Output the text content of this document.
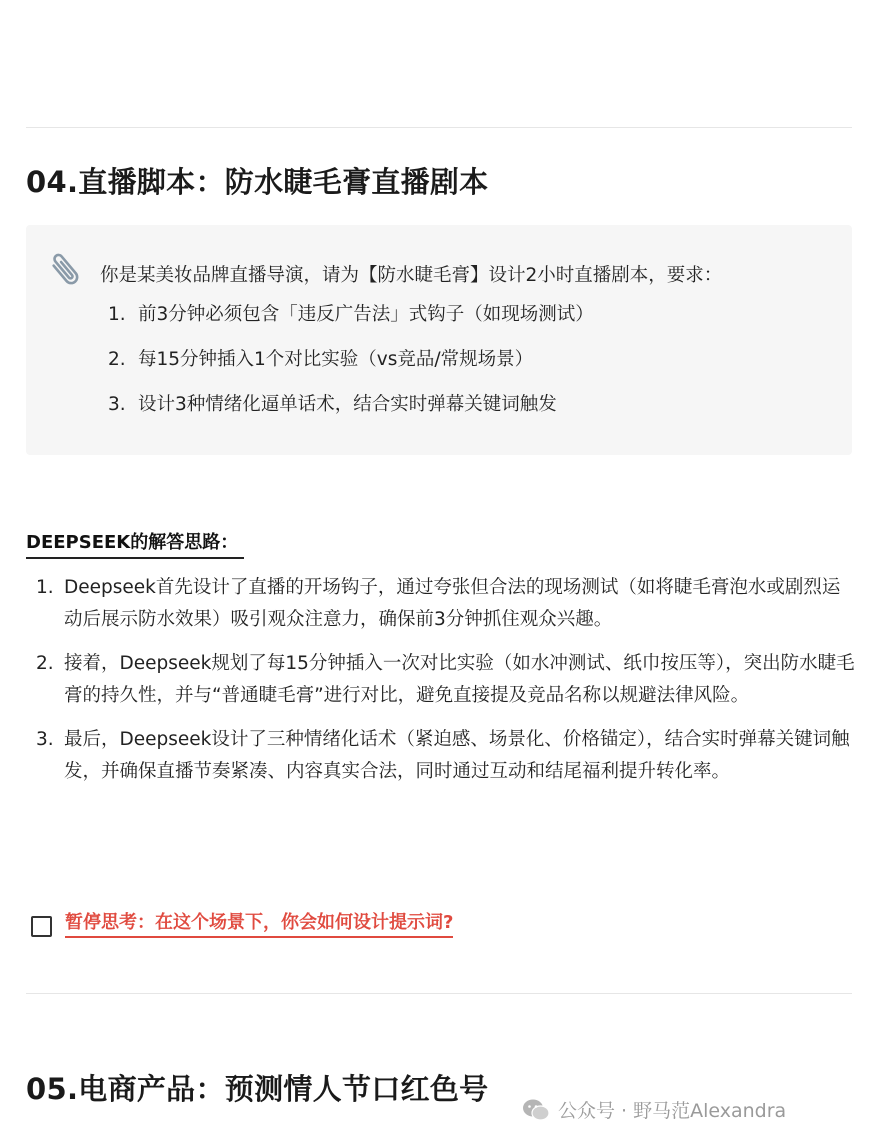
04.直播脚本：防水睫毛膏直播剧本
你是某美妆品牌直播导演，请为【防水睫毛膏】设计2小时直播剧本，要求：
1. 前3分钟必须包含「违反广告法」式钩子（如现场测试）
2. 每15分钟插入1个对比实验（vs竞品/常规场景）
3. 设计3种情绪化逼单话术，结合实时弹幕关键词触发
DEEPSEEK的解答思路：
1. Deepseek首先设计了直播的开场钩子，通过夸张但合法的现场测试（如将睫毛膏泡水或剧烈运动后展示防水效果）吸引观众注意力，确保前3分钟抓住观众兴趣。
2. 接着，Deepseek规划了每15分钟插入一次对比实验（如水冲测试、纸巾按压等），突出防水睫毛膏的持久性，并与“普通睫毛膏”进行对比，避免直接提及竞品名称以规避法律风险。
3. 最后，Deepseek设计了三种情绪化话术（紧迫感、场景化、价格锚定），结合实时弹幕关键词触发，并确保直播节奏紧凑、内容真实合法，同时通过互动和结尾福利提升转化率。
暂停思考：在这个场景下，你会如何设计提示词?
05.电商产品：预测情人节口红色号
公众号 · 野马范Alexandra
